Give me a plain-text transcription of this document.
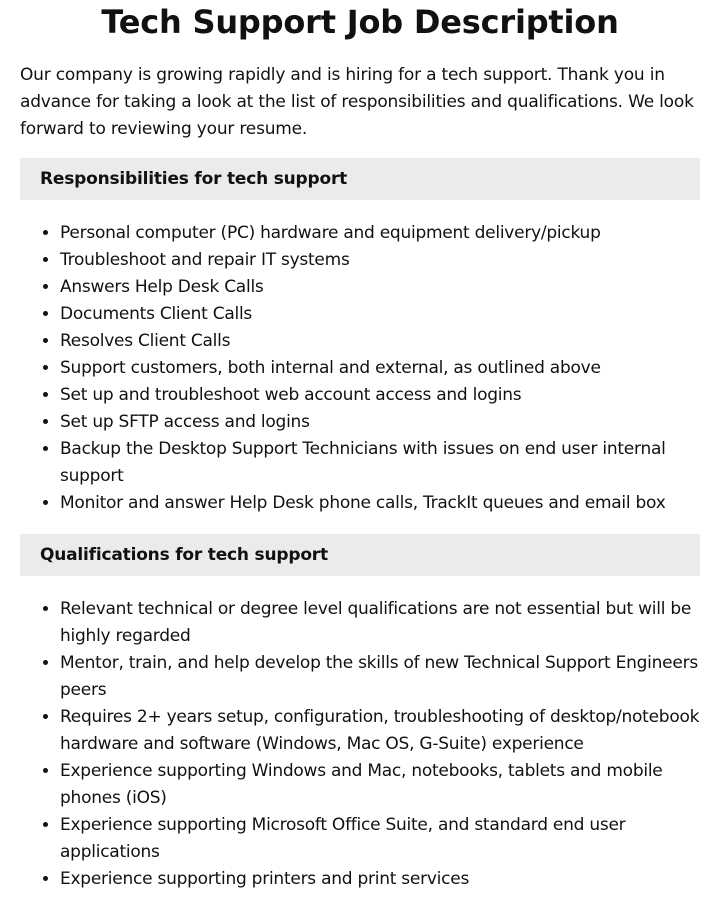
Tech Support Job Description

Our company is growing rapidly and is hiring for a tech support. Thank you in advance for taking a look at the list of responsibilities and qualifications. We look forward to reviewing your resume.

Responsibilities for tech support
• Personal computer (PC) hardware and equipment delivery/pickup
• Troubleshoot and repair IT systems
• Answers Help Desk Calls
• Documents Client Calls
• Resolves Client Calls
• Support customers, both internal and external, as outlined above
• Set up and troubleshoot web account access and logins
• Set up SFTP access and logins
• Backup the Desktop Support Technicians with issues on end user internal support
• Monitor and answer Help Desk phone calls, TrackIt queues and email box
Qualifications for tech support
• Relevant technical or degree level qualifications are not essential but will be highly regarded
• Mentor, train, and help develop the skills of new Technical Support Engineers peers
• Requires 2+ years setup, configuration, troubleshooting of desktop/notebook hardware and software (Windows, Mac OS, G-Suite) experience
• Experience supporting Windows and Mac, notebooks, tablets and mobile phones (iOS)
• Experience supporting Microsoft Office Suite, and standard end user applications
• Experience supporting printers and print services
